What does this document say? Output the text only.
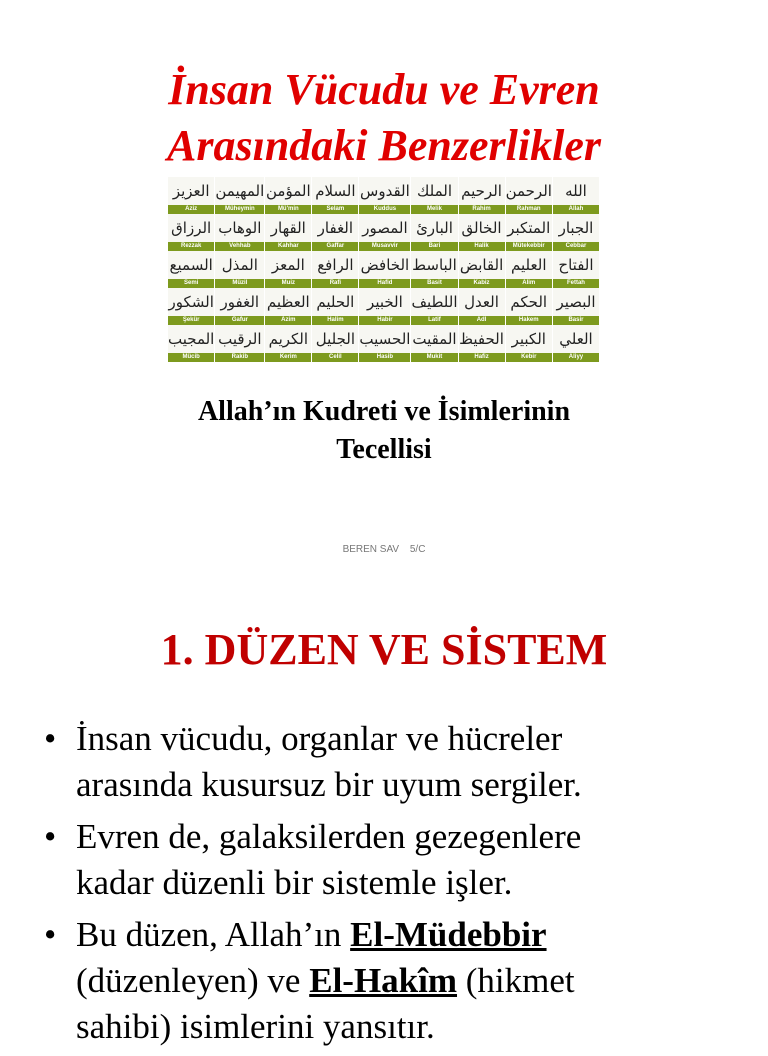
İnsan Vücudu ve Evren
Arasındaki Benzerlikler
العزيز
Aziz
المهيمن
Müheymin
المؤمن
Mü'min
السلام
Selam
القدوس
Kuddus
الملك
Melik
الرحيم
Rahim
الرحمن
Rahman
الله
Allah
الرزاق
Rezzak
الوهاب
Vehhab
القهار
Kahhar
الغفار
Gaffar
المصور
Musavvir
البارئ
Bari
الخالق
Halik
المتكبر
Mütekebbir
الجبار
Cebbar
السميع
Semi
المذل
Müzil
المعز
Muiz
الرافع
Rafi
الخافض
Hafid
الباسط
Basit
القابض
Kabiz
العليم
Alim
الفتاح
Fettah
الشكور
Şekür
الغفور
Gafur
العظيم
Azim
الحليم
Halim
الخبير
Habir
اللطيف
Latif
العدل
Adl
الحكم
Hakem
البصير
Basir
المجيب
Mücib
الرقيب
Rakib
الكريم
Kerim
الجليل
Celil
الحسيب
Hasib
المقيت
Mukit
الحفيظ
Hafiz
الكبير
Kebir
العلي
Aliyy
Allah’ın Kudreti ve İsimlerinin
Tecellisi
BEREN SAV 5/C
1. DÜZEN VE SİSTEM
• İnsan vücudu, organlar ve hücreler
arasında kusursuz bir uyum sergiler.
• Evren de, galaksilerden gezegenlere
kadar düzenli bir sistemle işler.
• Bu düzen, Allah’ın El-Müdebbir
(düzenleyen) ve El-Hakîm (hikmet
sahibi) isimlerini yansıtır.
